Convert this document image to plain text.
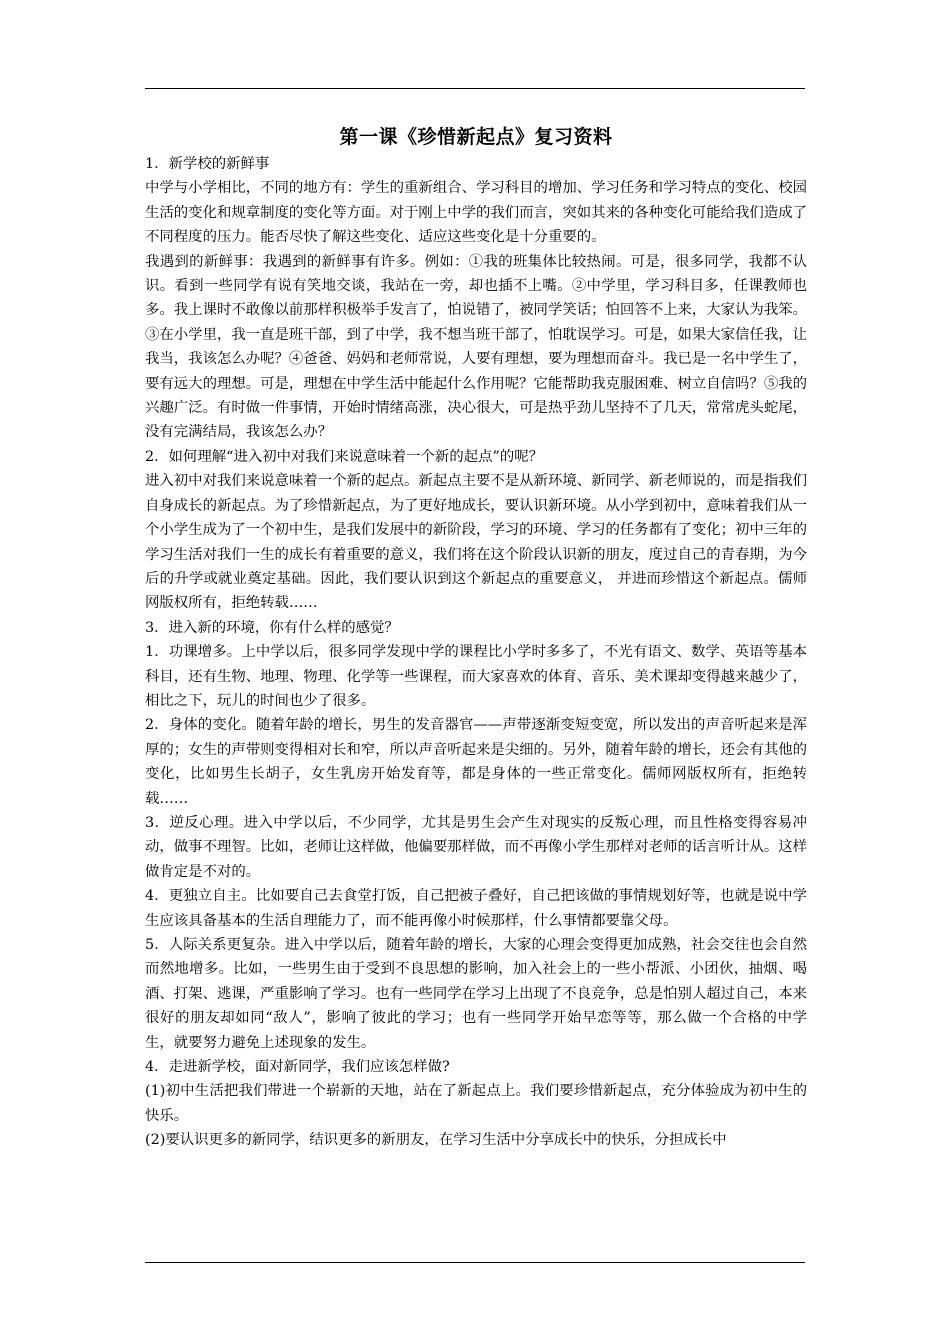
第一课《珍惜新起点》复习资料

1．新学校的新鲜事

中学与小学相比，不同的地方有：学生的重新组合、学习科目的增加、学习任务和学习特点的变化、校园生活的变化和规章制度的变化等方面。对于刚上中学的我们而言，突如其来的各种变化可能给我们造成了不同程度的压力。能否尽快了解这些变化、适应这些变化是十分重要的。

我遇到的新鲜事：我遇到的新鲜事有许多。例如：①我的班集体比较热闹。可是，很多同学，我都不认识。看到一些同学有说有笑地交谈，我站在一旁，却也插不上嘴。②中学里，学习科目多，任课教师也多。我上课时不敢像以前那样积极举手发言了，怕说错了，被同学笑话；怕回答不上来，大家认为我笨。③在小学里，我一直是班干部，到了中学，我不想当班干部了，怕耽误学习。可是，如果大家信任我，让我当，我该怎么办呢？④爸爸、妈妈和老师常说，人要有理想，要为理想而奋斗。我已是一名中学生了，要有远大的理想。可是，理想在中学生活中能起什么作用呢？它能帮助我克服困难、树立自信吗？⑤我的兴趣广泛。有时做一件事情，开始时情绪高涨，决心很大，可是热乎劲儿坚持不了几天，常常虎头蛇尾，没有完满结局，我该怎么办？

2．如何理解“进入初中对我们来说意味着一个新的起点”的呢？

进入初中对我们来说意味着一个新的起点。新起点主要不是从新环境、新同学、新老师说的，而是指我们自身成长的新起点。为了珍惜新起点，为了更好地成长，要认识新环境。从小学到初中，意味着我们从一个小学生成为了一个初中生，是我们发展中的新阶段，学习的环境、学习的任务都有了变化；初中三年的学习生活对我们一生的成长有着重要的意义，我们将在这个阶段认识新的朋友，度过自己的青春期，为今后的升学或就业奠定基础。因此，我们要认识到这个新起点的重要意义， 并进而珍惜这个新起点。儒师网版权所有，拒绝转载……

3．进入新的环境，你有什么样的感觉？

1．功课增多。上中学以后，很多同学发现中学的课程比小学时多多了，不光有语文、数学、英语等基本科目，还有生物、地理、物理、化学等一些课程，而大家喜欢的体育、音乐、美术课却变得越来越少了， 相比之下，玩儿的时间也少了很多。

2．身体的变化。随着年龄的增长，男生的发音器官——声带逐渐变短变宽，所以发出的声音听起来是浑厚的；女生的声带则变得相对长和窄，所以声音听起来是尖细的。另外，随着年龄的增长，还会有其他的变化，比如男生长胡子，女生乳房开始发育等，都是身体的一些正常变化。儒师网版权所有，拒绝转载……

3．逆反心理。进入中学以后，不少同学，尤其是男生会产生对现实的反叛心理，而且性格变得容易冲动，做事不理智。比如，老师让这样做，他偏要那样做，而不再像小学生那样对老师的话言听计从。这样做肯定是不对的。

4．更独立自主。比如要自己去食堂打饭，自己把被子叠好，自己把该做的事情规划好等，也就是说中学生应该具备基本的生活自理能力了，而不能再像小时候那样，什么事情都要靠父母。

5．人际关系更复杂。进入中学以后，随着年龄的增长，大家的心理会变得更加成熟，社会交往也会自然而然地增多。比如，一些男生由于受到不良思想的影响，加入社会上的一些小帮派、小团伙，抽烟、喝酒、打架、逃课，严重影响了学习。也有一些同学在学习上出现了不良竞争，总是怕别人超过自己，本来很好的朋友却如同“敌人”，影响了彼此的学习；也有一些同学开始早恋等等，那么做一个合格的中学生，就要努力避免上述现象的发生。

4．走进新学校，面对新同学，我们应该怎样做?

(1)初中生活把我们带进一个崭新的天地，站在了新起点上。我们要珍惜新起点，充分体验成为初中生的快乐。

(2)要认识更多的新同学，结识更多的新朋友，在学习生活中分享成长中的快乐，分担成长中
